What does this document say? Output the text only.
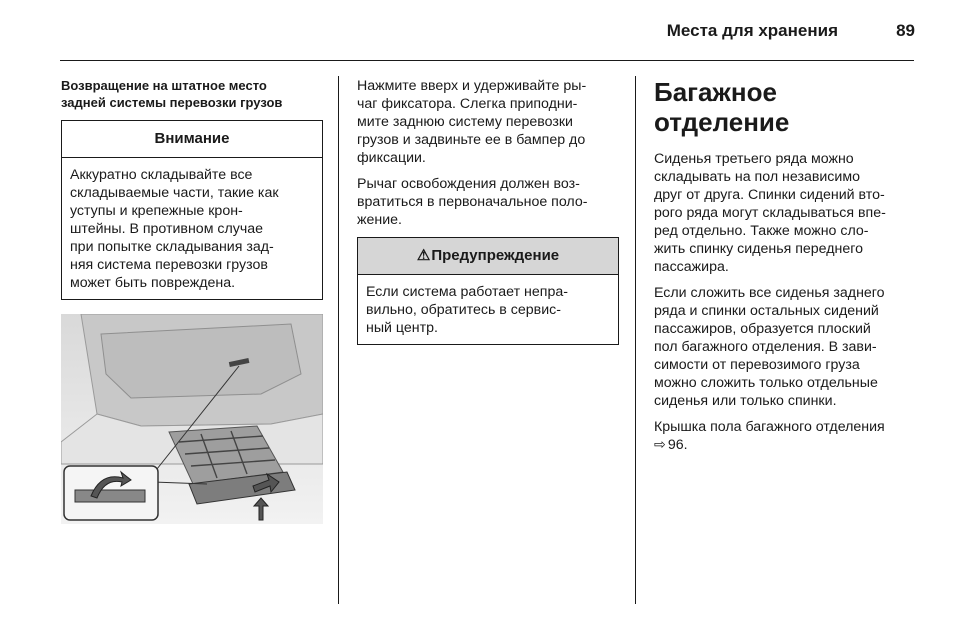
Места для хранения	89
Возвращение на штатное место
задней системы перевозки грузов
Внимание
Аккуратно складывайте все
складываемые части, такие как
уступы и крепежные крон-
штейны. В противном случае
при попытке складывания зад-
няя система перевозки грузов
может быть повреждена.

Нажмите вверх и удерживайте ры-
чаг фиксатора. Слегка приподни-
мите заднюю систему перевозки
грузов и задвиньте ее в бампер до
фиксации.

Рычаг освобождения должен воз-
вратиться в первоначальное поло-
жение.

⚠Предупреждение
Если система работает непра-
вильно, обратитесь в сервис-
ный центр.
Багажное отделение

Сиденья третьего ряда можно
складывать на пол независимо
друг от друга. Спинки сидений вто-
рого ряда могут складываться впе-
ред отдельно. Также можно сло-
жить спинку сиденья переднего
пассажира.

Если сложить все сиденья заднего
ряда и спинки остальных сидений
пассажиров, образуется плоский
пол багажного отделения. В зави-
симости от перевозимого груза
можно сложить только отдельные
сиденья или только спинки.

Крышка пола багажного отделения
⇨ 96.
